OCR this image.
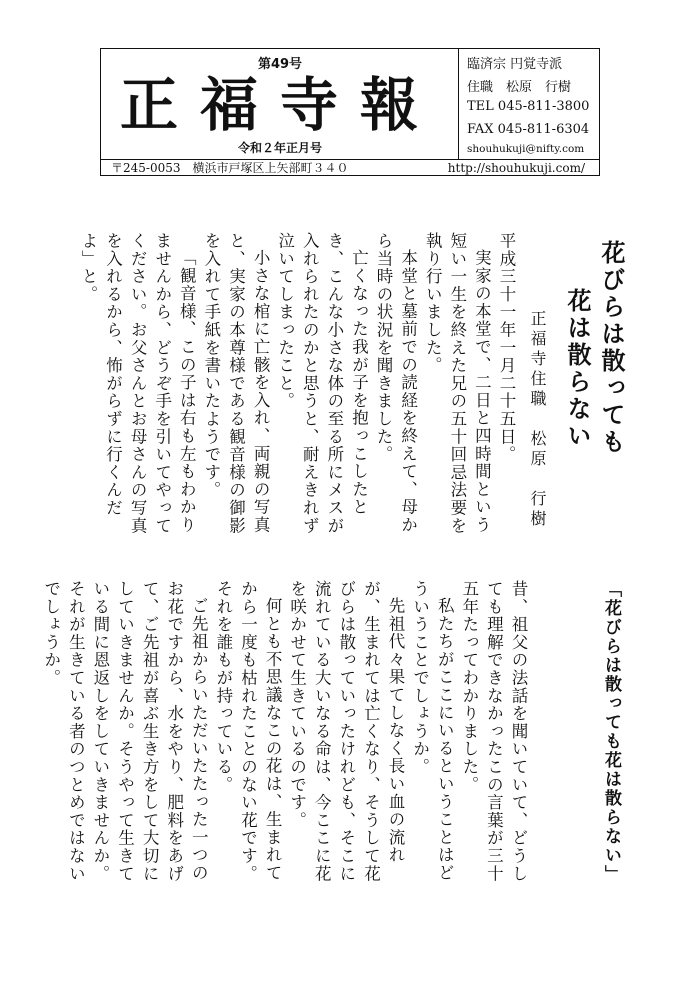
第49号
正福寺報
令和２年正月号
臨済宗 円覚寺派
住職　松原　行樹
TEL 045-811-3800
FAX 045-811-6304
shouhukuji@nifty.com
〒245-0053　横浜市戸塚区上矢部町３４０	http://shouhukuji.com/
花びらは散っても
花は散らない
正福寺住職　松原　行樹

平成三十一年一月二十五日。

実家の本堂で、二日と四時間という短い一生を終えた兄の五十回忌法要を執り行いました。

本堂と墓前での読経を終えて、母から当時の状況を聞きました。

亡くなった我が子を抱っこしたとき、こんな小さな体の至る所にメスが入れられたのかと思うと、耐えきれず泣いてしまったこと。

小さな棺に亡骸を入れ、両親の写真と、実家の本尊様である観音様の御影を入れて手紙を書いたようです。

「観音様、この子は右も左もわかりませんから、どうぞ手を引いてやってください。お父さんとお母さんの写真を入れるから、怖がらずに行くんだよ」と。

「花びらは散っても花は散らない」

昔、祖父の法話を聞いていて、どうしても理解できなかったこの言葉が三十五年たってわかりました。

私たちがここにいるということはどういうことでしょうか。

先祖代々果てしなく長い血の流れが、生まれては亡くなり、そうして花びらは散っていったけれども、そこに流れている大いなる命は、今ここに花を咲かせて生きているのです。

何とも不思議なこの花は、生まれてから一度も枯れたことのない花です。それを誰もが持っている。

ご先祖からいただいたたった一つのお花ですから、水をやり、肥料をあげて、ご先祖が喜ぶ生き方をして大切にしていきませんか。そうやって生きている間に恩返しをしていきませんか。それが生きている者のつとめではないでしょうか。
